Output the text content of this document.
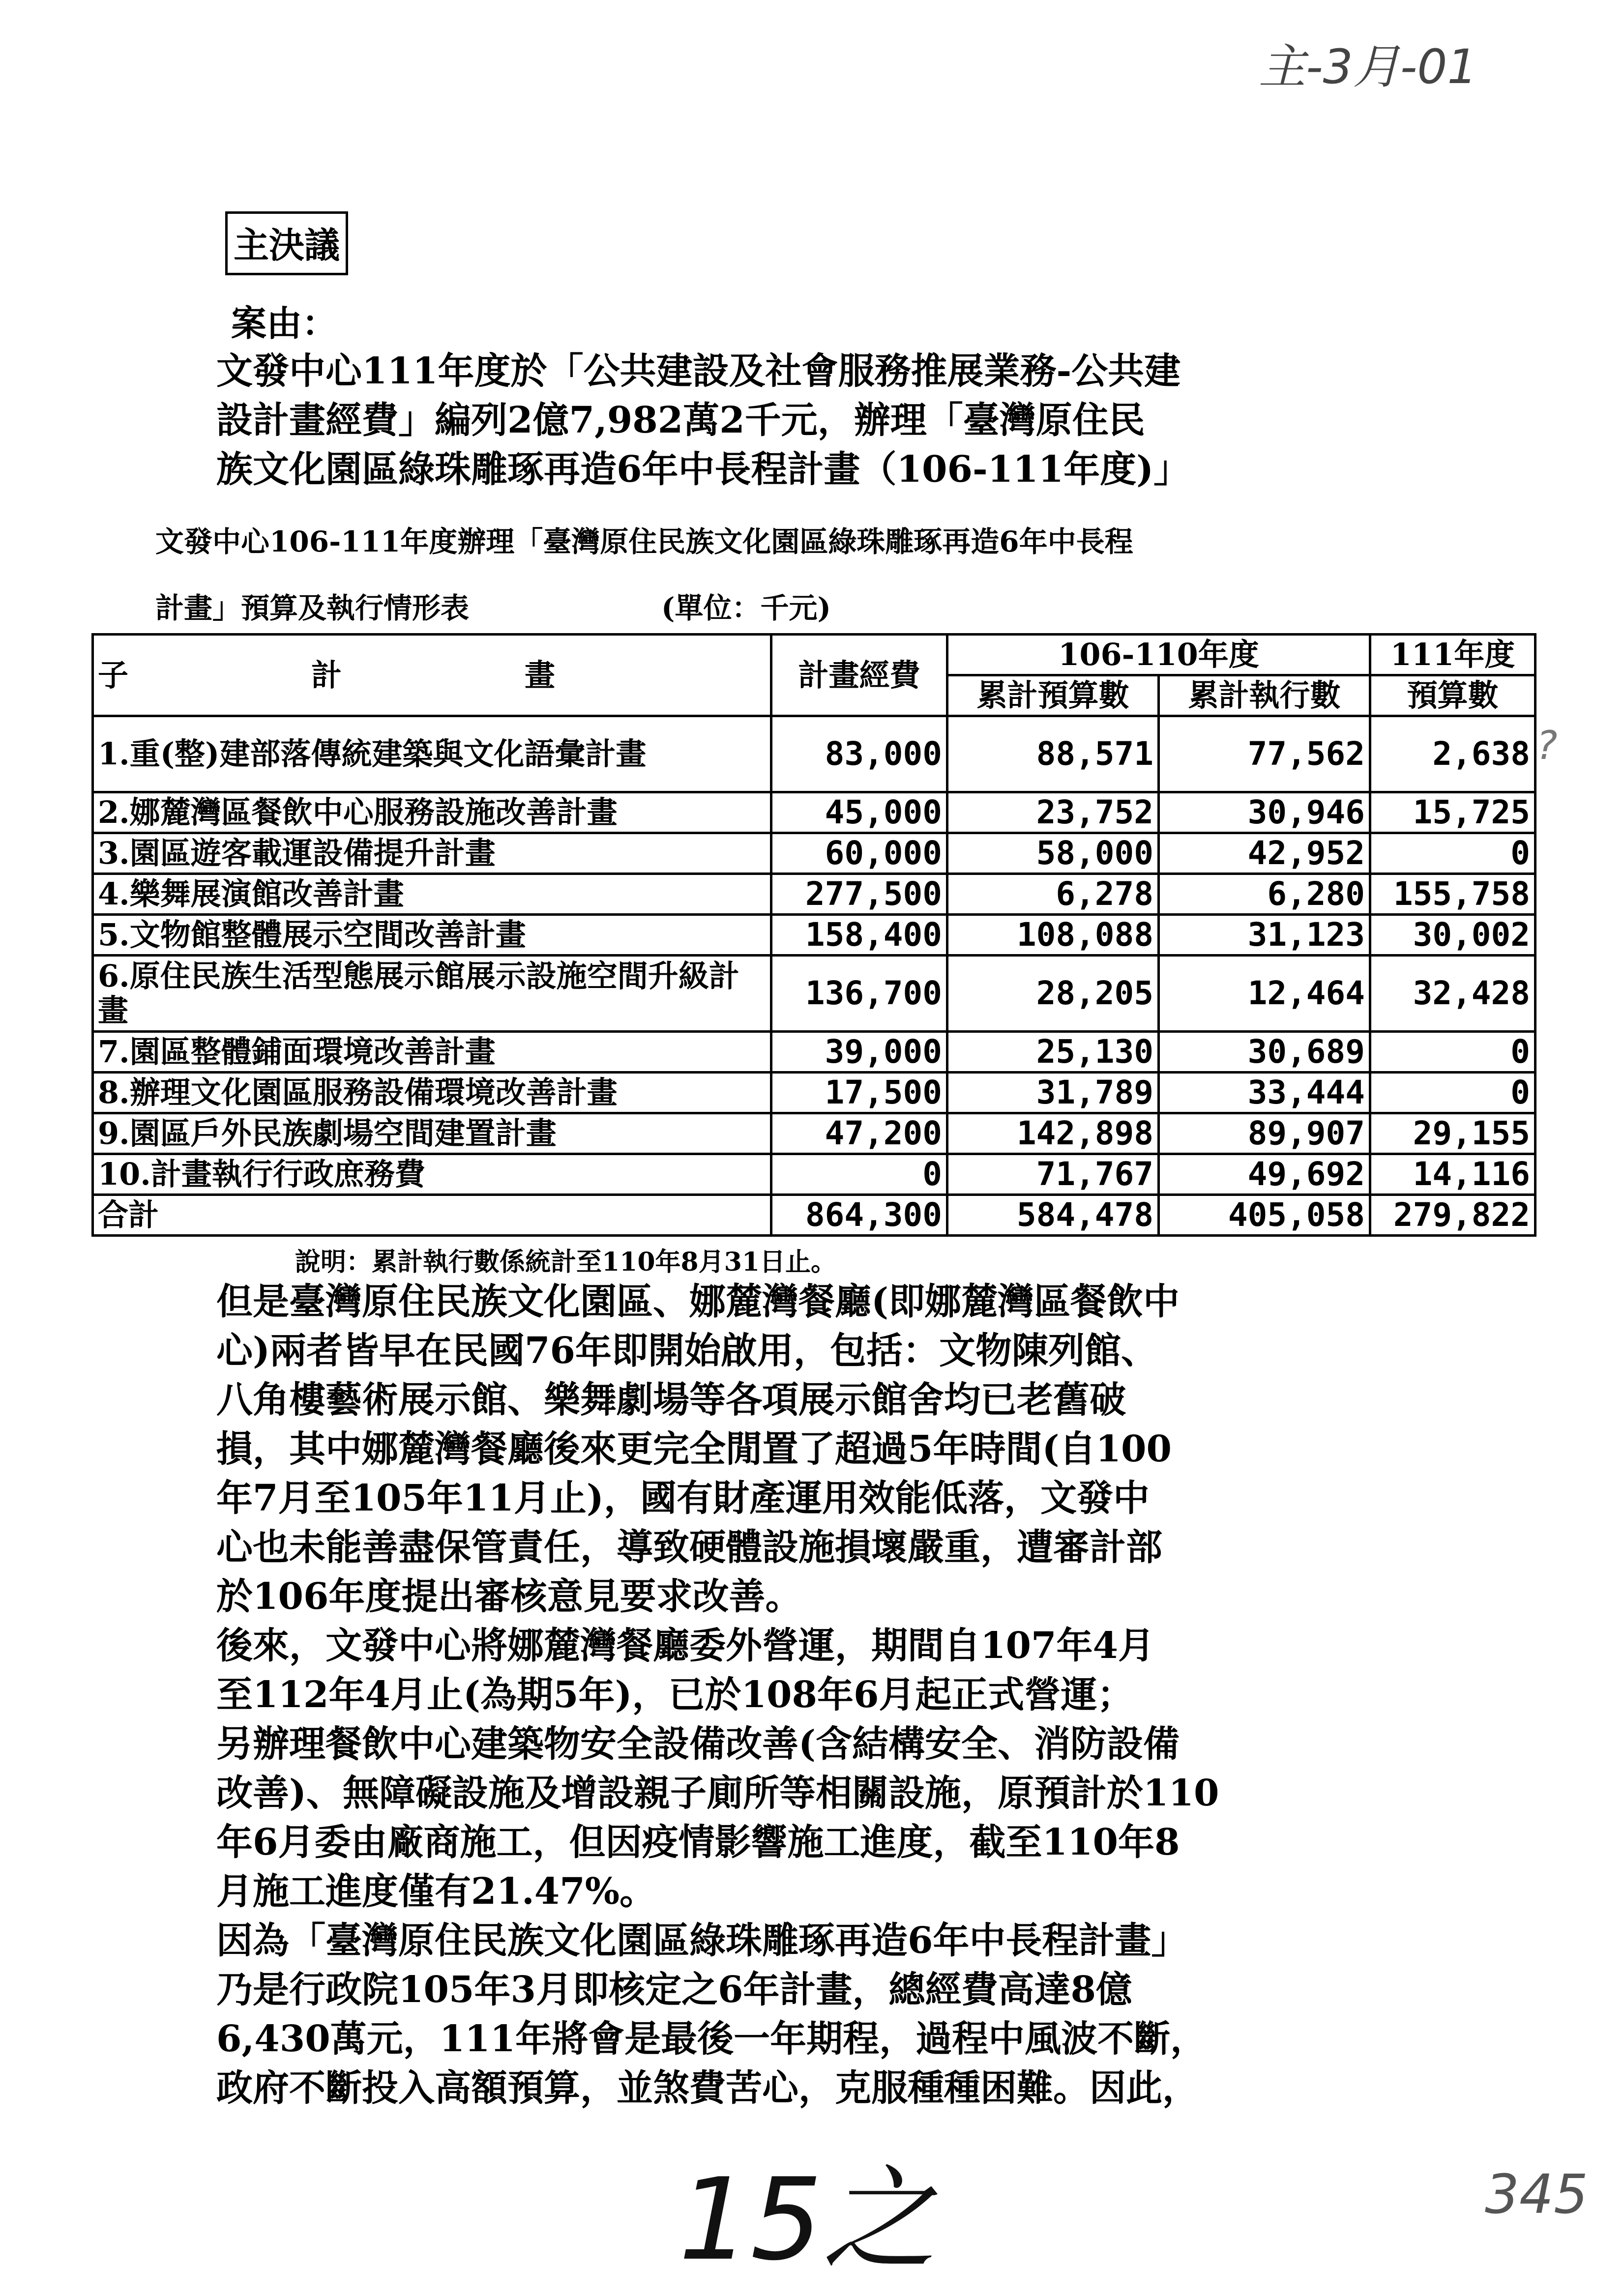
主-3月-01
主決議
案由：
文發中心111年度於「公共建設及社會服務推展業務-公共建
設計畫經費」編列2億7,982萬2千元，辦理「臺灣原住民
族文化園區綠珠雕琢再造6年中長程計畫（106-111年度)」
文發中心106-111年度辦理「臺灣原住民族文化園區綠珠雕琢再造6年中長程
計畫」預算及執行情形表	(單位：千元)
子　　　　　　計　　　　　　畫	計畫經費	106-110年度		111年度
		累計預算數	累計執行數	預算數
1.重(整)建部落傳統建築與文化語彙計畫	83,000	88,571	77,562	2,638
2.娜麓灣區餐飲中心服務設施改善計畫	45,000	23,752	30,946	15,725
3.園區遊客載運設備提升計畫	60,000	58,000	42,952	0
4.樂舞展演館改善計畫	277,500	6,278	6,280	155,758
5.文物館整體展示空間改善計畫	158,400	108,088	31,123	30,002
6.原住民族生活型態展示館展示設施空間升級計畫	136,700	28,205	12,464	32,428
7.園區整體鋪面環境改善計畫	39,000	25,130	30,689	0
8.辦理文化園區服務設備環境改善計畫	17,500	31,789	33,444	0
9.園區戶外民族劇場空間建置計畫	47,200	142,898	89,907	29,155
10.計畫執行行政庶務費	0	71,767	49,692	14,116
合計	864,300	584,478	405,058	279,822
?
說明：累計執行數係統計至110年8月31日止。
但是臺灣原住民族文化園區、娜麓灣餐廳(即娜麓灣區餐飲中
心)兩者皆早在民國76年即開始啟用，包括：文物陳列館、
八角樓藝術展示館、樂舞劇場等各項展示館舍均已老舊破
損，其中娜麓灣餐廳後來更完全閒置了超過5年時間(自100
年7月至105年11月止)，國有財產運用效能低落，文發中
心也未能善盡保管責任，導致硬體設施損壞嚴重，遭審計部
於106年度提出審核意見要求改善。
後來，文發中心將娜麓灣餐廳委外營運，期間自107年4月
至112年4月止(為期5年)，已於108年6月起正式營運；
另辦理餐飲中心建築物安全設備改善(含結構安全、消防設備
改善)、無障礙設施及增設親子廁所等相關設施，原預計於110
年6月委由廠商施工，但因疫情影響施工進度，截至110年8
月施工進度僅有21.47%。
因為「臺灣原住民族文化園區綠珠雕琢再造6年中長程計畫」
乃是行政院105年3月即核定之6年計畫，總經費高達8億
6,430萬元，111年將會是最後一年期程，過程中風波不斷，
政府不斷投入高額預算，並煞費苦心，克服種種困難。因此，
15之	345
